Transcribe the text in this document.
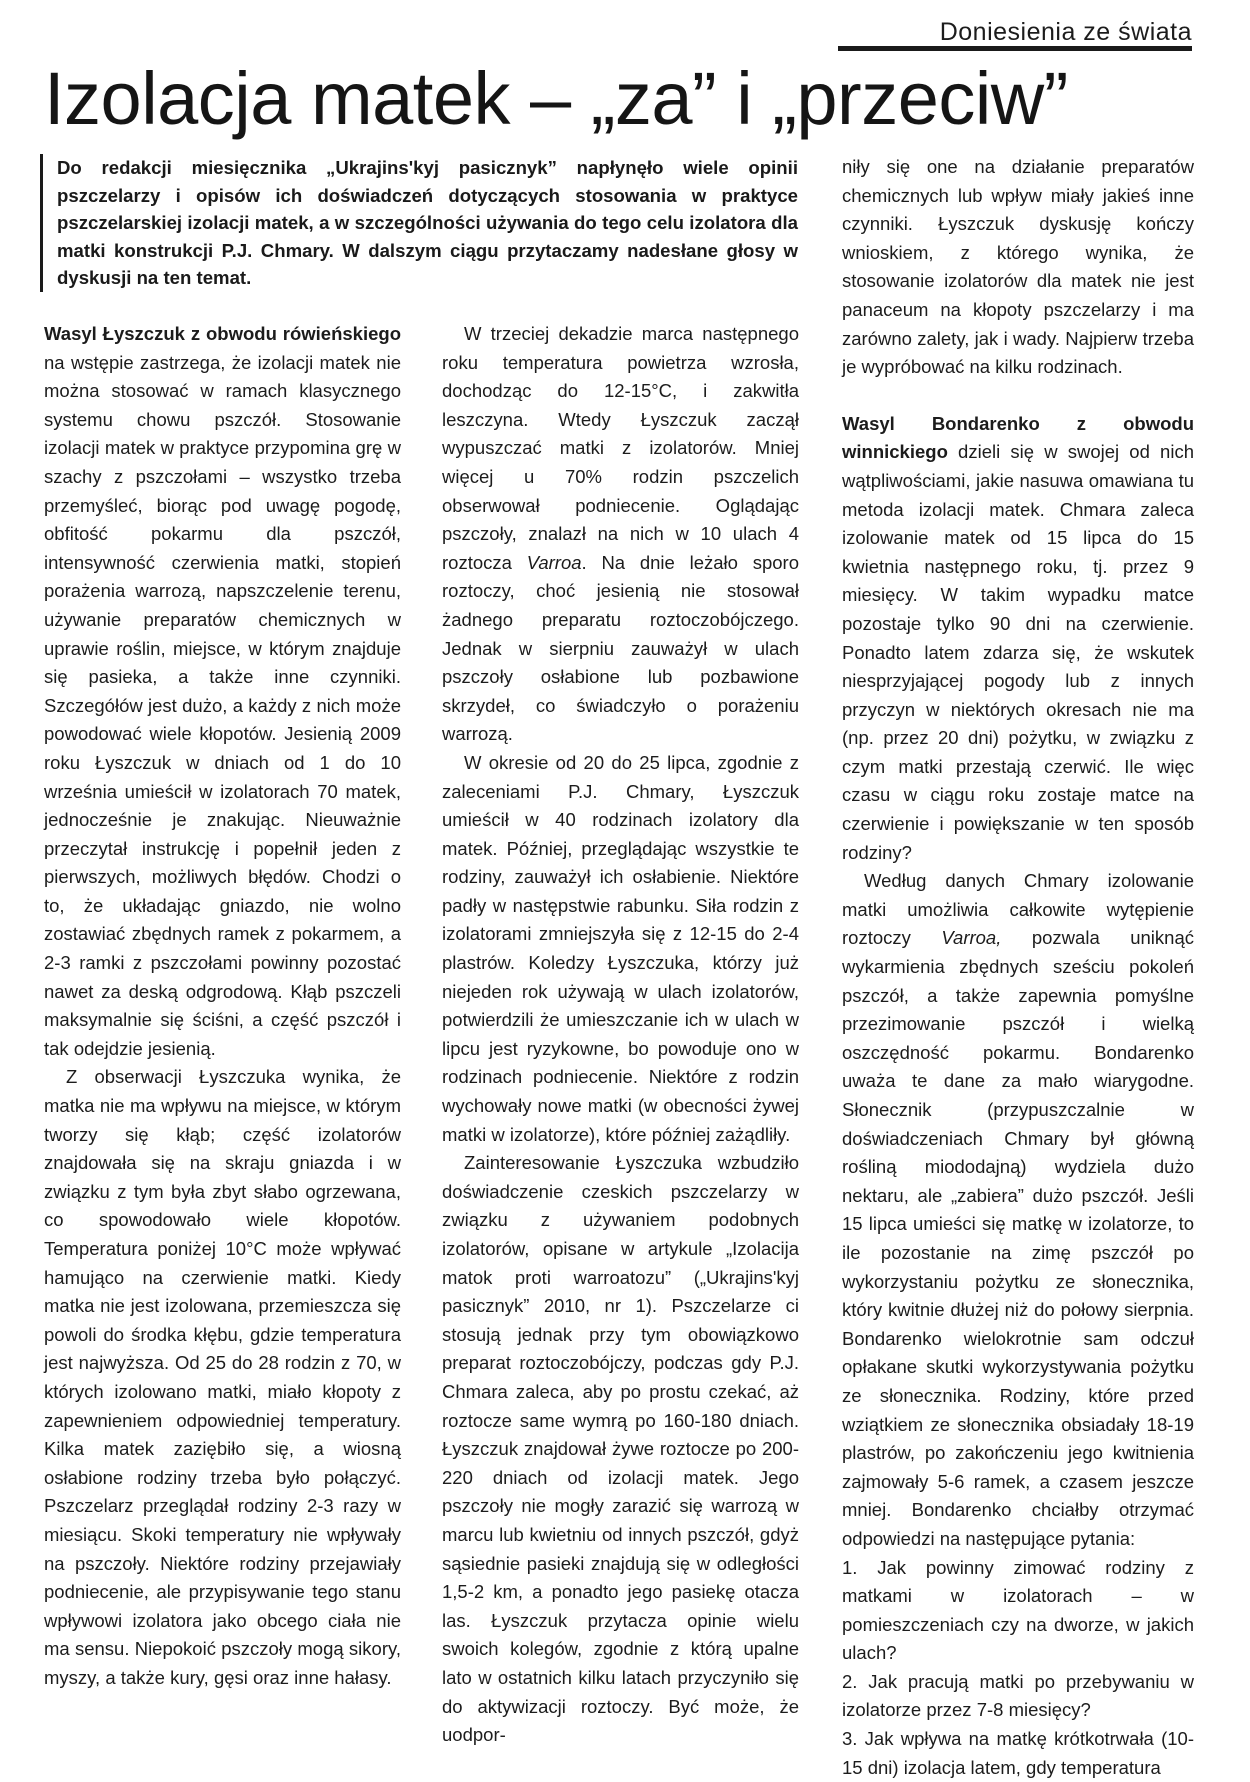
Doniesienia ze świata
Izolacja matek – „za” i „przeciw”
Do redakcji miesięcznika „Ukrajins'kyj pasicznyk” napłynęło wiele opinii pszczelarzy i opisów ich doświadczeń dotyczących stosowania w praktyce pszczelarskiej izolacji matek, a w szczególności używania do tego celu izolatora dla matki konstrukcji P.J. Chmary. W dalszym ciągu przytaczamy nadesłane głosy w dyskusji na ten temat.

Wasyl Łyszczuk z obwodu rówieńskiego na wstępie zastrzega, że izolacji matek nie można stosować w ramach klasycznego systemu chowu pszczół. Stosowanie izolacji matek w praktyce przypomina grę w szachy z pszczołami – wszystko trzeba przemyśleć, biorąc pod uwagę pogodę, obfitość pokarmu dla pszczół, intensywność czerwienia matki, stopień porażenia warrozą, napszczelenie terenu, używanie preparatów chemicznych w uprawie roślin, miejsce, w którym znajduje się pasieka, a także inne czynniki. Szczegółów jest dużo, a każdy z nich może powodować wiele kłopotów. Jesienią 2009 roku Łyszczuk w dniach od 1 do 10 września umieścił w izolatorach 70 matek, jednocześnie je znakując. Nieuważnie przeczytał instrukcję i popełnił jeden z pierwszych, możliwych błędów. Chodzi o to, że układając gniazdo, nie wolno zostawiać zbędnych ramek z pokarmem, a 2-3 ramki z pszczołami powinny pozostać nawet za deską odgrodową. Kłąb pszczeli maksymalnie się ściśni, a część pszczół i tak odejdzie jesienią.

Z obserwacji Łyszczuka wynika, że matka nie ma wpływu na miejsce, w którym tworzy się kłąb; część izolatorów znajdowała się na skraju gniazda i w związku z tym była zbyt słabo ogrzewana, co spowodowało wiele kłopotów. Temperatura poniżej 10°C może wpływać hamująco na czerwienie matki. Kiedy matka nie jest izolowana, przemieszcza się powoli do środka kłębu, gdzie temperatura jest najwyższa. Od 25 do 28 rodzin z 70, w których izolowano matki, miało kłopoty z zapewnieniem odpowiedniej temperatury. Kilka matek zaziębiło się, a wiosną osłabione rodziny trzeba było połączyć. Pszczelarz przeglądał rodziny 2-3 razy w miesiącu. Skoki temperatury nie wpływały na pszczoły. Niektóre rodziny przejawiały podniecenie, ale przypisywanie tego stanu wpływowi izolatora jako obcego ciała nie ma sensu. Niepokoić pszczoły mogą sikory, myszy, a także kury, gęsi oraz inne hałasy.

W trzeciej dekadzie marca następnego roku temperatura powietrza wzrosła, dochodząc do 12-15°C, i zakwitła leszczyna. Wtedy Łyszczuk zaczął wypuszczać matki z izolatorów. Mniej więcej u 70% rodzin pszczelich obserwował podniecenie. Oglądając pszczoły, znalazł na nich w 10 ulach 4 roztocza Varroa. Na dnie leżało sporo roztoczy, choć jesienią nie stosował żadnego preparatu roztoczobójczego. Jednak w sierpniu zauważył w ulach pszczoły osłabione lub pozbawione skrzydeł, co świadczyło o porażeniu warrozą.

W okresie od 20 do 25 lipca, zgodnie z zaleceniami P.J. Chmary, Łyszczuk umieścił w 40 rodzinach izolatory dla matek. Później, przeglądając wszystkie te rodziny, zauważył ich osłabienie. Niektóre padły w następstwie rabunku. Siła rodzin z izolatorami zmniejszyła się z 12-15 do 2-4 plastrów. Koledzy Łyszczuka, którzy już niejeden rok używają w ulach izolatorów, potwierdzili że umieszczanie ich w ulach w lipcu jest ryzykowne, bo powoduje ono w rodzinach podniecenie. Niektóre z rodzin wychowały nowe matki (w obecności żywej matki w izolatorze), które później zażądliły.

Zainteresowanie Łyszczuka wzbudziło doświadczenie czeskich pszczelarzy w związku z używaniem podobnych izolatorów, opisane w artykule „Izolacija matok proti warroatozu” („Ukrajins'kyj pasicznyk” 2010, nr 1). Pszczelarze ci stosują jednak przy tym obowiązkowo preparat roztoczobójczy, podczas gdy P.J. Chmara zaleca, aby po prostu czekać, aż roztocze same wymrą po 160-180 dniach. Łyszczuk znajdował żywe roztocze po 200-220 dniach od izolacji matek. Jego pszczoły nie mogły zarazić się warrozą w marcu lub kwietniu od innych pszczół, gdyż sąsiednie pasieki znajdują się w odległości 1,5-2 km, a ponadto jego pasiekę otacza las. Łyszczuk przytacza opinie wielu swoich kolegów, zgodnie z którą upalne lato w ostatnich kilku latach przyczyniło się do aktywizacji roztoczy. Być może, że uodpor-

niły się one na działanie preparatów chemicznych lub wpływ miały jakieś inne czynniki. Łyszczuk dyskusję kończy wnioskiem, z którego wynika, że stosowanie izolatorów dla matek nie jest panaceum na kłopoty pszczelarzy i ma zarówno zalety, jak i wady. Najpierw trzeba je wypróbować na kilku rodzinach.

Wasyl Bondarenko z obwodu winnickiego dzieli się w swojej od nich wątpliwościami, jakie nasuwa omawiana tu metoda izolacji matek. Chmara zaleca izolowanie matek od 15 lipca do 15 kwietnia następnego roku, tj. przez 9 miesięcy. W takim wypadku matce pozostaje tylko 90 dni na czerwienie. Ponadto latem zdarza się, że wskutek niesprzyjającej pogody lub z innych przyczyn w niektórych okresach nie ma (np. przez 20 dni) pożytku, w związku z czym matki przestają czerwić. Ile więc czasu w ciągu roku zostaje matce na czerwienie i powiększanie w ten sposób rodziny?

Według danych Chmary izolowanie matki umożliwia całkowite wytępienie roztoczy Varroa, pozwala uniknąć wykarmienia zbędnych sześciu pokoleń pszczół, a także zapewnia pomyślne przezimowanie pszczół i wielką oszczędność pokarmu. Bondarenko uważa te dane za mało wiarygodne. Słonecznik (przypuszczalnie w doświadczeniach Chmary był główną rośliną miododajną) wydziela dużo nektaru, ale „zabiera” dużo pszczół. Jeśli 15 lipca umieści się matkę w izolatorze, to ile pozostanie na zimę pszczół po wykorzystaniu pożytku ze słonecznika, który kwitnie dłużej niż do połowy sierpnia. Bondarenko wielokrotnie sam odczuł opłakane skutki wykorzystywania pożytku ze słonecznika. Rodziny, które przed wziątkiem ze słonecznika obsiadały 18-19 plastrów, po zakończeniu jego kwitnienia zajmowały 5-6 ramek, a czasem jeszcze mniej. Bondarenko chciałby otrzymać odpowiedzi na następujące pytania:

1. Jak powinny zimować rodziny z matkami w izolatorach – w pomieszczeniach czy na dworze, w jakich ulach?

2. Jak pracują matki po przebywaniu w izolatorze przez 7-8 miesięcy?

3. Jak wpływa na matkę krótkotrwała (10-15 dni) izolacja latem, gdy temperatura
